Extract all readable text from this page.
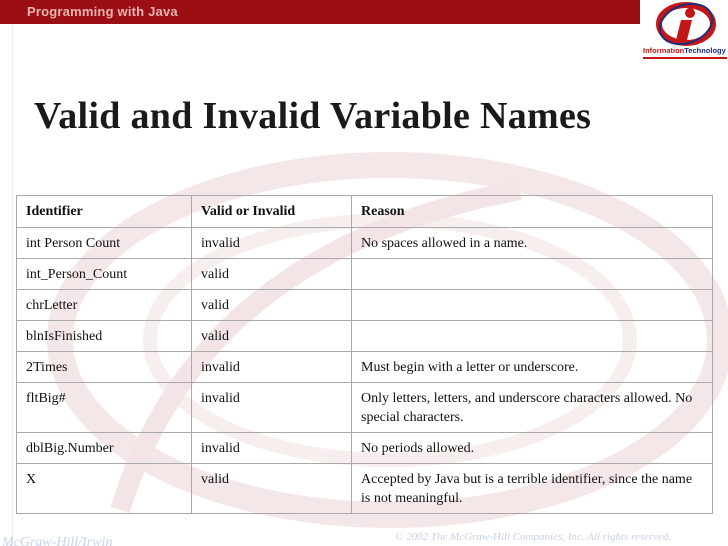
Programming with Java
InformationTechnology
Valid and Invalid Variable Names
Identifier	Valid or Invalid	Reason
int Person Count	invalid	No spaces allowed in a name.
int_Person_Count	valid	
chrLetter	valid	
blnIsFinished	valid	
2Times	invalid	Must begin with a letter or underscore.
fltBig#	invalid	Only letters, letters, and underscore characters allowed. No special characters.
dblBig.Number	invalid	No periods allowed.
X	valid	Accepted by Java but is a terrible identifier, since the name is not meaningful.
McGraw-Hill/Irwin	© 2002 The McGraw-Hill Companies, Inc. All rights reserved.
